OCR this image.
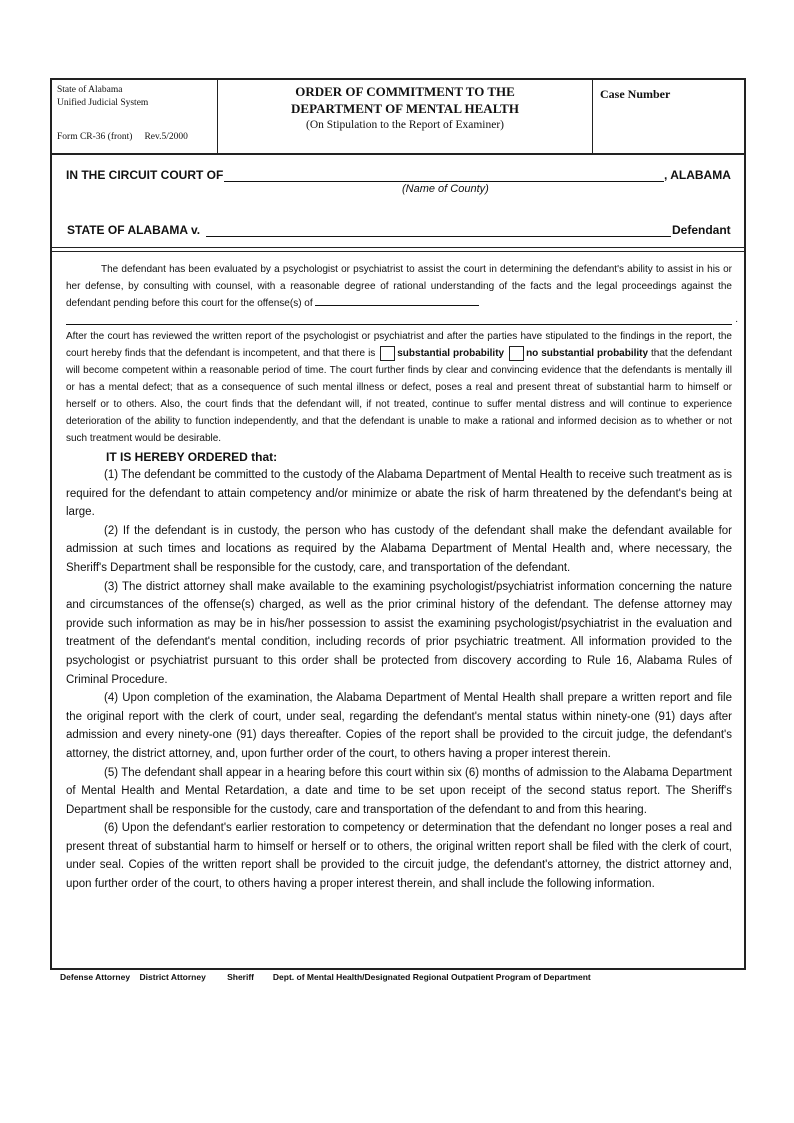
State of Alabama
Unified Judicial System
Form CR-36 (front) Rev.5/2000
ORDER OF COMMITMENT TO THE
DEPARTMENT OF MENTAL HEALTH
(On Stipulation to the Report of Examiner)
Case Number
IN THE CIRCUIT COURT OF	, ALABAMA
(Name of County)
STATE OF ALABAMA v.	Defendant

The defendant has been evaluated by a psychologist or psychiatrist to assist the court in determining the defendant's ability to assist in his or her defense, by consulting with counsel, with a reasonable degree of rational understanding of the facts and the legal proceedings against the defendant pending before this court for the offense(s) of

.

After the court has reviewed the written report of the psychologist or psychiatrist and after the parties have stipulated to the findings in the report, the court hereby finds that the defendant is incompetent, and that there is substantial probability no substantial probability that the defendant will become competent within a reasonable period of time. The court further finds by clear and convincing evidence that the defendants is mentally ill or has a mental defect; that as a consequence of such mental illness or defect, poses a real and present threat of substantial harm to himself or herself or to others. Also, the court finds that the defendant will, if not treated, continue to suffer mental distress and will continue to experience deterioration of the ability to function independently, and that the defendant is unable to make a rational and informed decision as to whether or not such treatment would be desirable.

IT IS HEREBY ORDERED that:

(1) The defendant be committed to the custody of the Alabama Department of Mental Health to receive such treatment as is required for the defendant to attain competency and/or minimize or abate the risk of harm threatened by the defendant's being at large.

(2) If the defendant is in custody, the person who has custody of the defendant shall make the defendant available for admission at such times and locations as required by the Alabama Department of Mental Health and, where necessary, the Sheriff's Department shall be responsible for the custody, care, and transportation of the defendant.

(3) The district attorney shall make available to the examining psychologist/psychiatrist information concerning the nature and circumstances of the offense(s) charged, as well as the prior criminal history of the defendant. The defense attorney may provide such information as may be in his/her possession to assist the examining psychologist/psychiatrist in the evaluation and treatment of the defendant's mental condition, including records of prior psychiatric treatment. All information provided to the psychologist or psychiatrist pursuant to this order shall be protected from discovery according to Rule 16, Alabama Rules of Criminal Procedure.

(4) Upon completion of the examination, the Alabama Department of Mental Health shall prepare a written report and file the original report with the clerk of court, under seal, regarding the defendant's mental status within ninety-one (91) days after admission and every ninety-one (91) days thereafter. Copies of the report shall be provided to the circuit judge, the defendant's attorney, the district attorney, and, upon further order of the court, to others having a proper interest therein.

(5) The defendant shall appear in a hearing before this court within six (6) months of admission to the Alabama Department of Mental Health and Mental Retardation, a date and time to be set upon receipt of the second status report. The Sheriff's Department shall be responsible for the custody, care and transportation of the defendant to and from this hearing.

(6) Upon the defendant's earlier restoration to competency or determination that the defendant no longer poses a real and present threat of substantial harm to himself or herself or to others, the original written report shall be filed with the clerk of court, under seal. Copies of the written report shall be provided to the circuit judge, the defendant's attorney, the district attorney and, upon further order of the court, to others having a proper interest therein, and shall include the following information.

Defense Attorney District Attorney	Sheriff Dept. of Mental Health/Designated Regional Outpatient Program of Department
